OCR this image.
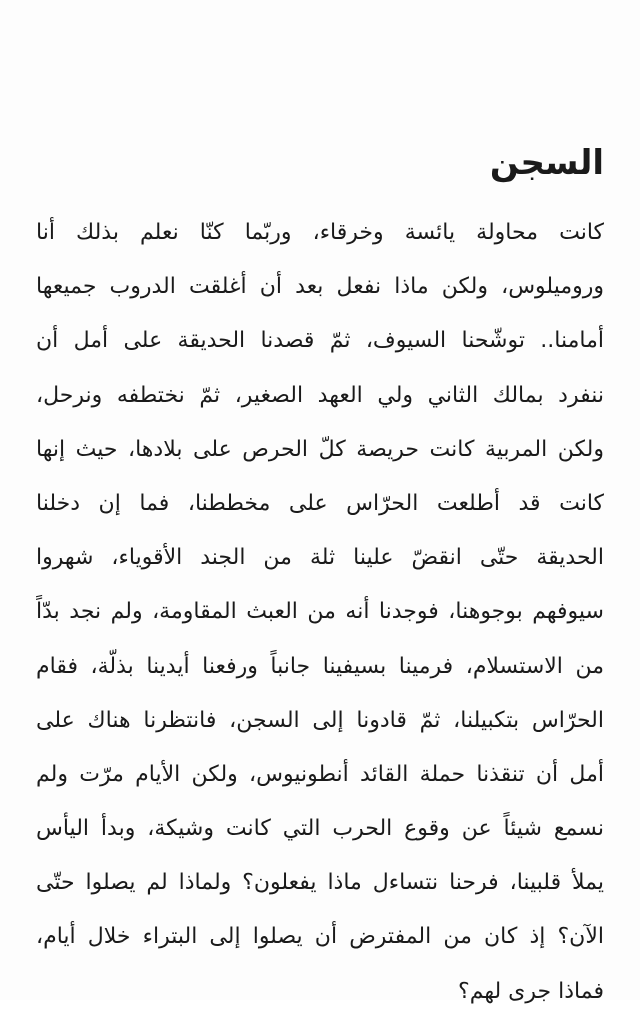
السجن
كانت محاولة يائسة وخرقاء، وربّما كنّا نعلم بذلك أنا
وروميلوس، ولكن ماذا نفعل بعد أن أغلقت الدروب جميعها
أمامنا.. توشّحنا السيوف، ثمّ قصدنا الحديقة على أمل أن
ننفرد بمالك الثاني ولي العهد الصغير، ثمّ نختطفه ونرحل،
ولكن المربية كانت حريصة كلّ الحرص على بلادها، حيث إنها
كانت قد أطلعت الحرّاس على مخططنا، فما إن دخلنا
الحديقة حتّى انقضّ علينا ثلة من الجند الأقوياء، شهروا
سيوفهم بوجوهنا، فوجدنا أنه من العبث المقاومة، ولم نجد بدّاً
من الاستسلام، فرمينا بسيفينا جانباً ورفعنا أيدينا بذلّة، فقام
الحرّاس بتكبيلنا، ثمّ قادونا إلى السجن، فانتظرنا هناك على
أمل أن تنقذنا حملة القائد أنطونيوس، ولكن الأيام مرّت ولم
نسمع شيئاً عن وقوع الحرب التي كانت وشيكة، وبدأ اليأس
يملأ قلبينا، فرحنا نتساءل ماذا يفعلون؟ ولماذا لم يصلوا حتّى
الآن؟ إذ كان من المفترض أن يصلوا إلى البتراء خلال أيام،
فماذا جرى لهم؟
